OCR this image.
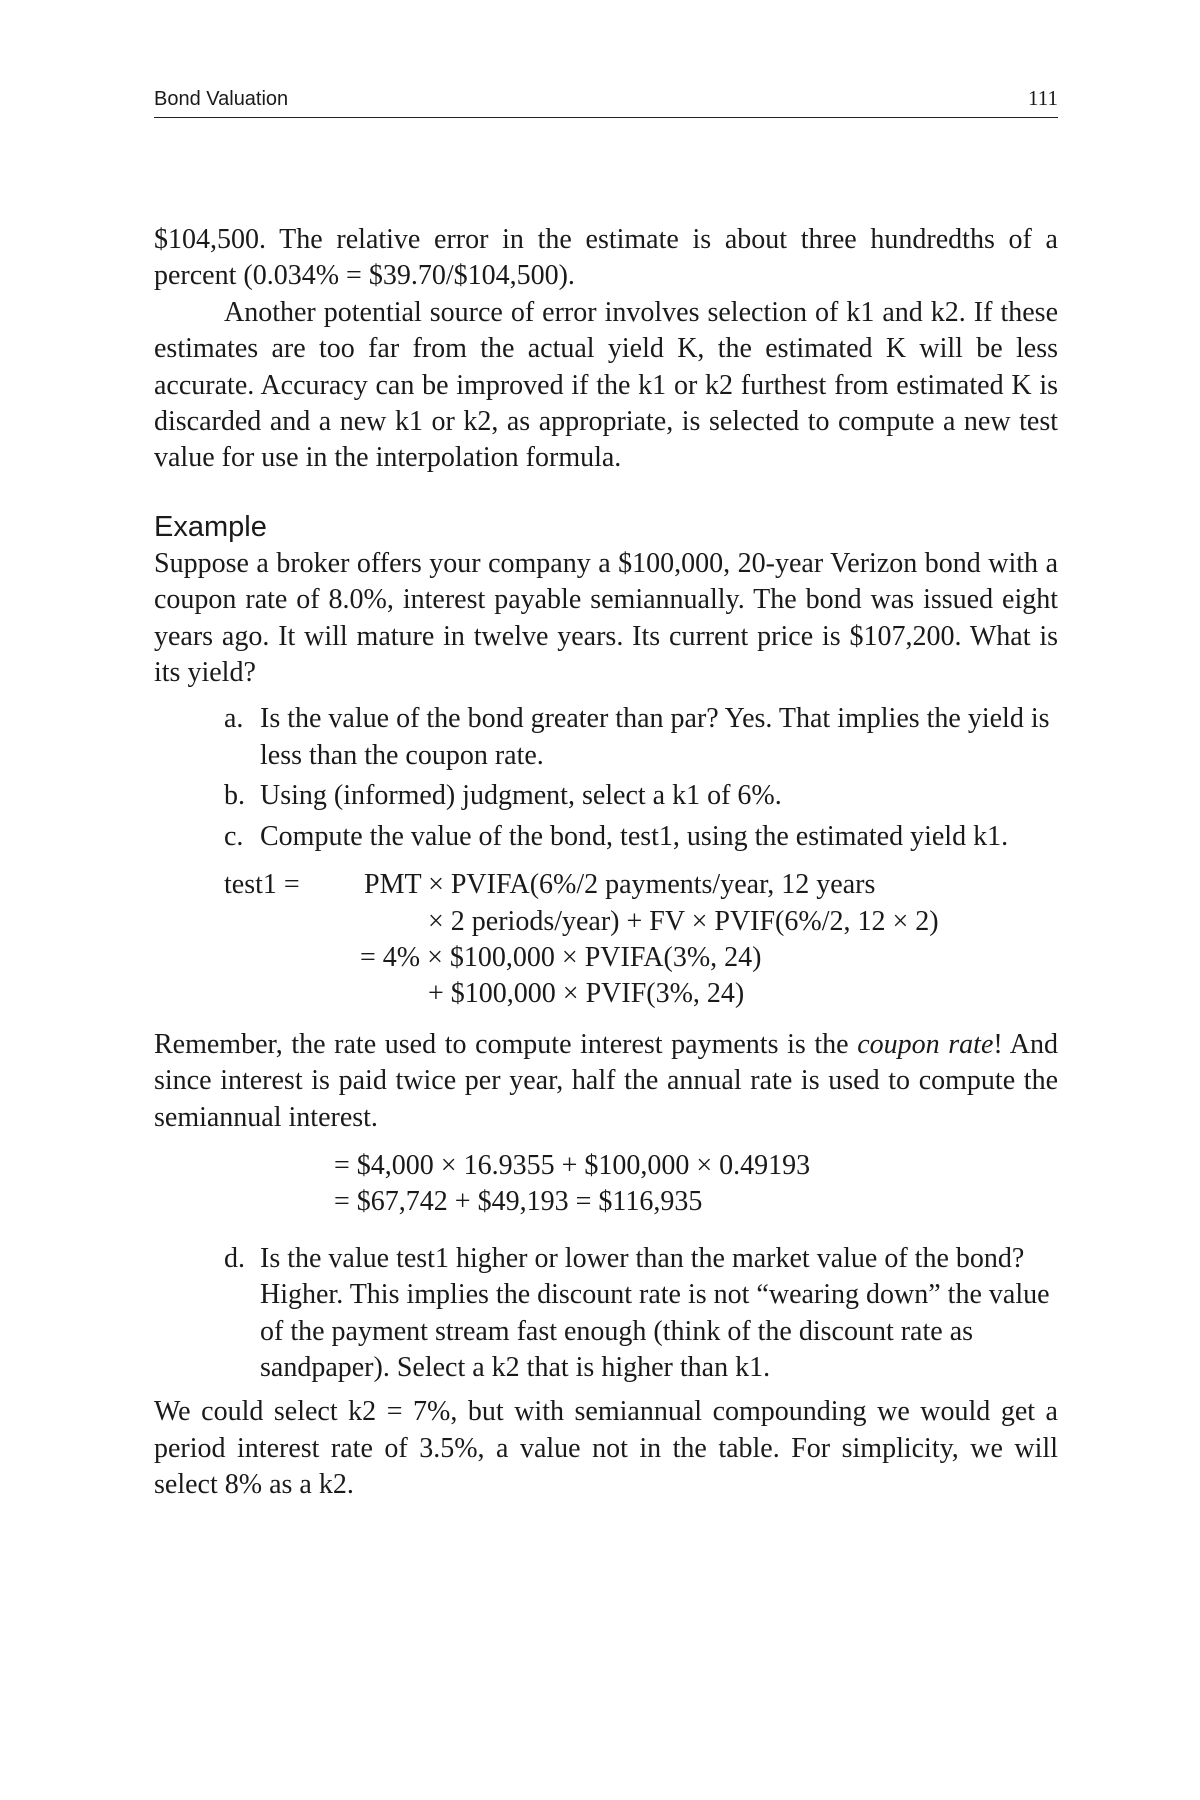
Bond Valuation	111

$104,500. The relative error in the estimate is about three hundredths of a percent (0.034% = $39.70/$104,500).

Another potential source of error involves selection of k1 and k2. If these estimates are too far from the actual yield K, the estimated K will be less accurate. Accuracy can be improved if the k1 or k2 furthest from estimated K is discarded and a new k1 or k2, as appropriate, is selected to compute a new test value for use in the interpolation formula.

Example

Suppose a broker offers your company a $100,000, 20-year Verizon bond with a coupon rate of 8.0%, interest payable semiannually. The bond was issued eight years ago. It will mature in twelve years. Its current price is $107,200. What is its yield?

a. Is the value of the bond greater than par? Yes. That implies the yield is less than the coupon rate.
b. Using (informed) judgment, select a k1 of 6%.
c. Compute the value of the bond, test1, using the estimated yield k1.
test1 =	PMT × PVIFA(6%/2 payments/year, 12 years
× 2 periods/year) + FV × PVIF(6%/2, 12 × 2)
= 4% × $100,000 × PVIFA(3%, 24)
+ $100,000 × PVIF(3%, 24)

Remember, the rate used to compute interest payments is the coupon rate! And since interest is paid twice per year, half the annual rate is used to compute the semiannual interest.

= $4,000 × 16.9355 + $100,000 × 0.49193
= $67,742 + $49,193 = $116,935
d. Is the value test1 higher or lower than the market value of the bond? Higher. This implies the discount rate is not “wearing down” the value of the payment stream fast enough (think of the discount rate as sandpaper). Select a k2 that is higher than k1.

We could select k2 = 7%, but with semiannual compounding we would get a period interest rate of 3.5%, a value not in the table. For simplicity, we will select 8% as a k2.
